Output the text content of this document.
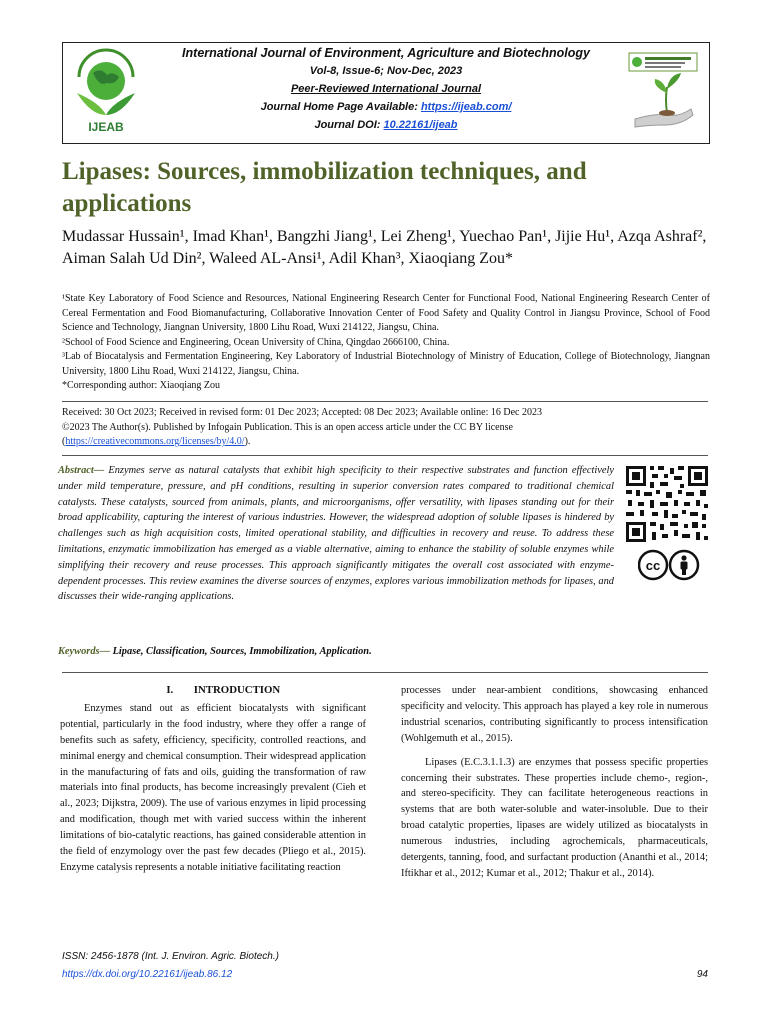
IJEAB
International Journal of Environment, Agriculture and Biotechnology
Vol-8, Issue-6; Nov-Dec, 2023
Peer-Reviewed International Journal
Journal Home Page Available: https://ijeab.com/
Journal DOI: 10.22161/ijeab
Lipases: Sources, immobilization techniques, and applications
Mudassar Hussain¹, Imad Khan¹, Bangzhi Jiang¹, Lei Zheng¹, Yuechao Pan¹, Jijie Hu¹, Azqa Ashraf², Aiman Salah Ud Din², Waleed AL-Ansi¹, Adil Khan³, Xiaoqiang Zou*

¹State Key Laboratory of Food Science and Resources, National Engineering Research Center for Functional Food, National Engineering Research Center of Cereal Fermentation and Food Biomanufacturing, Collaborative Innovation Center of Food Safety and Quality Control in Jiangsu Province, School of Food Science and Technology, Jiangnan University, 1800 Lihu Road, Wuxi 214122, Jiangsu, China.

²School of Food Science and Engineering, Ocean University of China, Qingdao 2666100, China.

³Lab of Biocatalysis and Fermentation Engineering, Key Laboratory of Industrial Biotechnology of Ministry of Education, College of Biotechnology, Jiangnan University, 1800 Lihu Road, Wuxi 214122, Jiangsu, China.

*Corresponding author: Xiaoqiang Zou

Received: 30 Oct 2023; Received in revised form: 01 Dec 2023; Accepted: 08 Dec 2023; Available online: 16 Dec 2023

©2023 The Author(s). Published by Infogain Publication. This is an open access article under the CC BY license

(https://creativecommons.org/licenses/by/4.0/).

Abstract— Enzymes serve as natural catalysts that exhibit high specificity to their respective substrates and function effectively under mild temperature, pressure, and pH conditions, resulting in superior conversion rates compared to traditional chemical catalysts. These catalysts, sourced from animals, plants, and microorganisms, offer versatility, with lipases standing out for their broad applicability, capturing the interest of various industries. However, the widespread adoption of soluble lipases is hindered by challenges such as high acquisition costs, limited operational stability, and difficulties in recovery and reuse. To address these limitations, enzymatic immobilization has emerged as a viable alternative, aiming to enhance the stability of soluble enzymes while simplifying their recovery and reuse processes. This approach significantly mitigates the overall cost associated with enzyme-dependent processes. This review examines the diverse sources of enzymes, explores various immobilization methods for lipases, and discusses their wide-ranging applications.
cc
Keywords— Lipase, Classification, Sources, Immobilization, Application.

I. INTRODUCTION

Enzymes stand out as efficient biocatalysts with significant potential, particularly in the food industry, where they offer a range of benefits such as safety, efficiency, specificity, controlled reactions, and minimal energy and chemical consumption. Their widespread application in the manufacturing of fats and oils, guiding the transformation of raw materials into final products, has become increasingly prevalent (Cieh et al., 2023; Dijkstra, 2009). The use of various enzymes in lipid processing and modification, though met with varied success within the inherent limitations of bio-catalytic reactions, has gained considerable attention in the field of enzymology over the past few decades (Pliego et al., 2015). Enzyme catalysis represents a notable initiative facilitating reaction

processes under near-ambient conditions, showcasing enhanced specificity and velocity. This approach has played a key role in numerous industrial scenarios, contributing significantly to process intensification (Wohlgemuth et al., 2015).

Lipases (E.C.3.1.1.3) are enzymes that possess specific properties concerning their substrates. These properties include chemo-, region-, and stereo-specificity. They can facilitate heterogeneous reactions in systems that are both water-soluble and water-insoluble. Due to their broad catalytic properties, lipases are widely utilized as biocatalysts in numerous industries, including agrochemicals, pharmaceuticals, detergents, tanning, food, and surfactant production (Ananthi et al., 2014; Iftikhar et al., 2012; Kumar et al., 2012; Thakur et al., 2014).

ISSN: 2456-1878 (Int. J. Environ. Agric. Biotech.)
https://dx.doi.org/10.22161/ijeab.86.12	94
